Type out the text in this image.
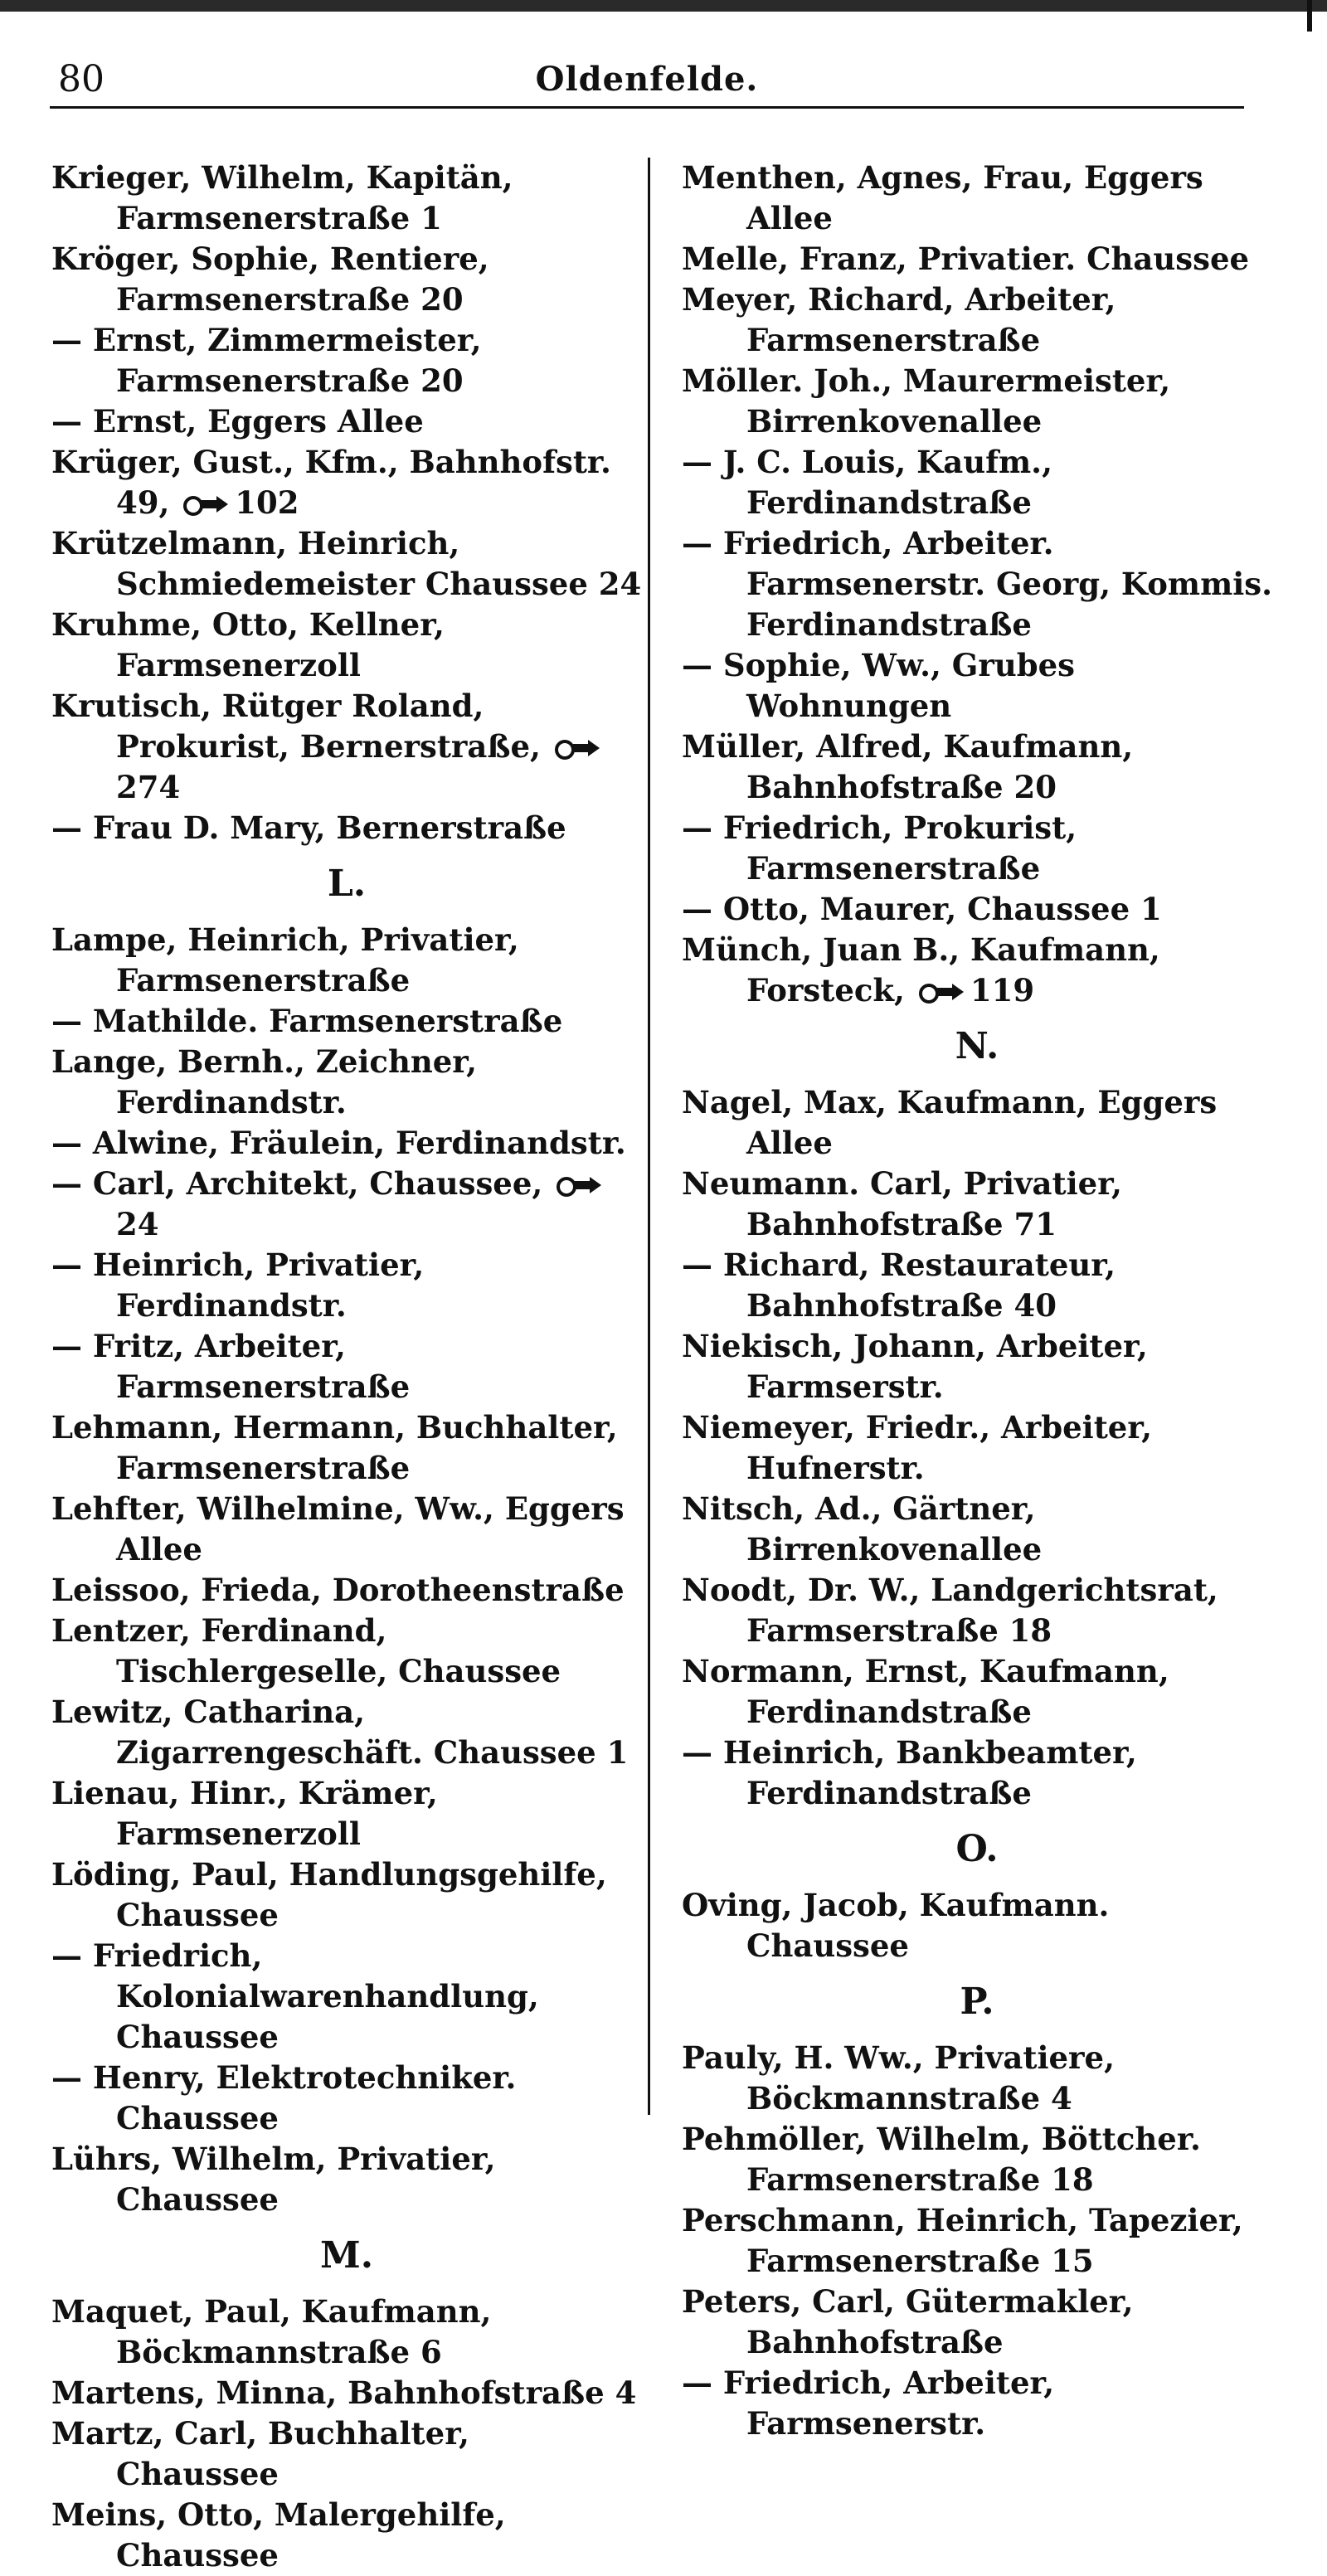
80	Oldenfelde.
Krieger, Wilhelm, Kapitän, Farmsenerstraße 1
Kröger, Sophie, Rentiere, Farmsenerstraße 20
— Ernst, Zimmermeister, Farmsenerstraße 20
— Ernst, Eggers Allee
Krüger, Gust., Kfm., Bahnhofstr. 49, 102
Krützelmann, Heinrich, Schmiedemeister Chaussee 24
Kruhme, Otto, Kellner, Farmsenerzoll
Krutisch, Rütger Roland, Prokurist, Bernerstraße,
274
— Frau D. Mary, Bernerstraße
L.
Lampe, Heinrich, Privatier, Farmsenerstraße
— Mathilde. Farmsenerstraße
Lange, Bernh., Zeichner, Ferdinandstr.
— Alwine, Fräulein, Ferdinandstr.
— Carl, Architekt, Chaussee,
24
— Heinrich, Privatier, Ferdinandstr.
— Fritz, Arbeiter, Farmsenerstraße
Lehmann, Hermann, Buchhalter, Farmsenerstraße
Lehfter, Wilhelmine, Ww., Eggers Allee
Leissoo, Frieda, Dorotheenstraße
Lentzer, Ferdinand, Tischlergeselle, Chaussee
Lewitz, Catharina, Zigarrengeschäft. Chaussee 1
Lienau, Hinr., Krämer, Farmsenerzoll
Löding, Paul, Handlungsgehilfe, Chaussee
— Friedrich, Kolonialwarenhandlung, Chaussee
— Henry, Elektrotechniker. Chaussee
Lührs, Wilhelm, Privatier, Chaussee
M.
Maquet, Paul, Kaufmann, Böckmannstraße 6
Martens, Minna, Bahnhofstraße 4
Martz, Carl, Buchhalter, Chaussee
Meins, Otto, Malergehilfe, Chaussee
Menthen, Agnes, Frau, Eggers Allee
Melle, Franz, Privatier. Chaussee
Meyer, Richard, Arbeiter, Farmsenerstraße
Möller. Joh., Maurermeister, Birrenkovenallee
— J. C. Louis, Kaufm., Ferdinandstraße
— Friedrich, Arbeiter. Farmsenerstr. Georg, Kommis. Ferdinandstraße
— Sophie, Ww., Grubes Wohnungen
Müller, Alfred, Kaufmann, Bahnhofstraße 20
— Friedrich, Prokurist, Farmsenerstraße
— Otto, Maurer, Chaussee 1
Münch, Juan B., Kaufmann, Forsteck, 119
N.
Nagel, Max, Kaufmann, Eggers Allee
Neumann. Carl, Privatier, Bahnhofstraße 71
— Richard, Restaurateur, Bahnhofstraße 40
Niekisch, Johann, Arbeiter, Farmserstr.
Niemeyer, Friedr., Arbeiter, Hufnerstr.
Nitsch, Ad., Gärtner, Birrenkovenallee
Noodt, Dr. W., Landgerichtsrat, Farmserstraße 18
Normann, Ernst, Kaufmann, Ferdinandstraße
— Heinrich, Bankbeamter, Ferdinandstraße
O.
Oving, Jacob, Kaufmann. Chaussee
P.
Pauly, H. Ww., Privatiere, Böckmannstraße 4
Pehmöller, Wilhelm, Böttcher. Farmsenerstraße 18
Perschmann, Heinrich, Tapezier, Farmsenerstraße 15
Peters, Carl, Gütermakler, Bahnhofstraße
— Friedrich, Arbeiter, Farmsenerstr.
